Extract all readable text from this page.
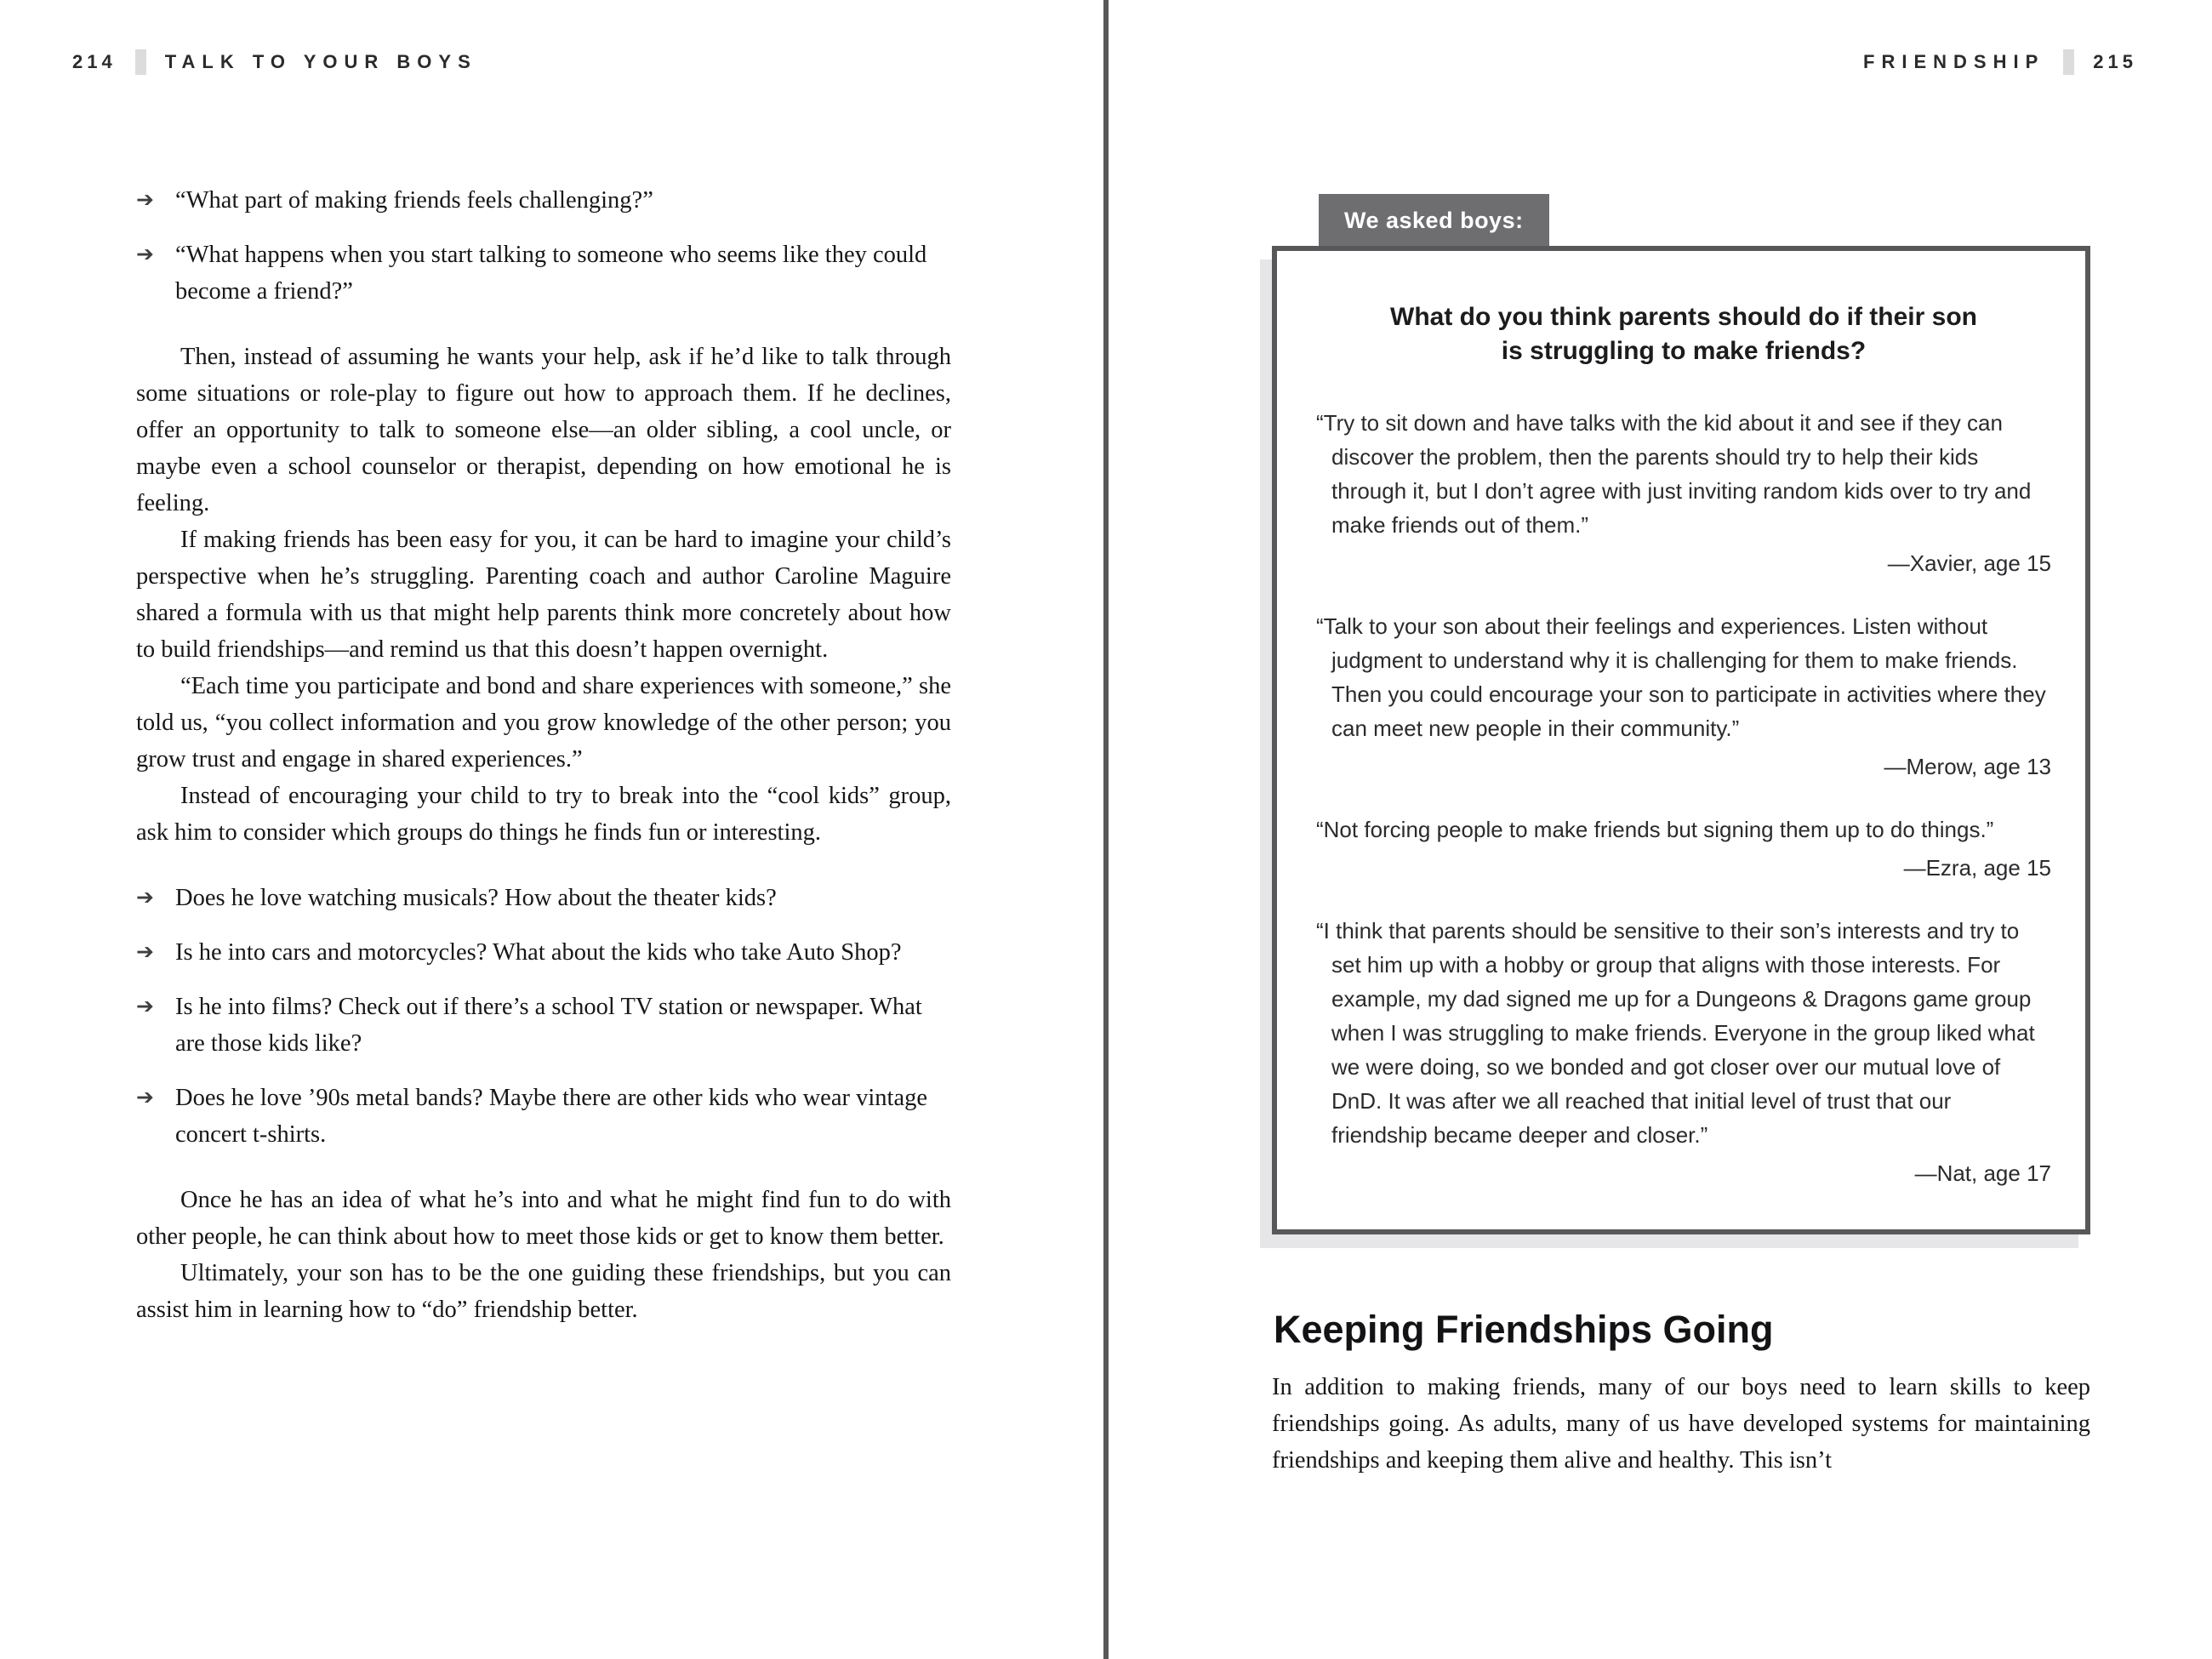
214	TALK TO YOUR BOYS
➔ “What part of making friends feels challenging?”
➔ “What happens when you start talking to someone who seems like they could become a friend?”

Then, instead of assuming he wants your help, ask if he’d like to talk through some situations or role-play to figure out how to approach them. If he declines, offer an opportunity to talk to someone else—an older sibling, a cool uncle, or maybe even a school counselor or therapist, depending on how emotional he is feeling.

If making friends has been easy for you, it can be hard to imagine your child’s perspective when he’s struggling. Parenting coach and author Caroline Maguire shared a formula with us that might help parents think more concretely about how to build friendships—and remind us that this doesn’t happen overnight.

“Each time you participate and bond and share experiences with someone,” she told us, “you collect information and you grow knowledge of the other person; you grow trust and engage in shared experiences.”

Instead of encouraging your child to try to break into the “cool kids” group, ask him to consider which groups do things he finds fun or interesting.

➔ Does he love watching musicals? How about the theater kids?
➔ Is he into cars and motorcycles? What about the kids who take Auto Shop?
➔ Is he into films? Check out if there’s a school TV station or newspaper. What are those kids like?
➔ Does he love ’90s metal bands? Maybe there are other kids who wear vintage concert t-shirts.

Once he has an idea of what he’s into and what he might find fun to do with other people, he can think about how to meet those kids or get to know them better.

Ultimately, your son has to be the one guiding these friendships, but you can assist him in learning how to “do” friendship better.

FRIENDSHIP	215
We asked boys:
What do you think parents should do if their son is struggling to make friends?

“Try to sit down and have talks with the kid about it and see if they can discover the problem, then the parents should try to help their kids through it, but I don’t agree with just inviting random kids over to try and make friends out of them.”

—Xavier, age 15

“Talk to your son about their feelings and experiences. Listen without judgment to understand why it is challenging for them to make friends. Then you could encourage your son to participate in activities where they can meet new people in their community.”

—Merow, age 13

“Not forcing people to make friends but signing them up to do things.”

—Ezra, age 15

“I think that parents should be sensitive to their son’s interests and try to set him up with a hobby or group that aligns with those interests. For example, my dad signed me up for a Dungeons & Dragons game group when I was struggling to make friends. Everyone in the group liked what we were doing, so we bonded and got closer over our mutual love of DnD. It was after we all reached that initial level of trust that our friendship became deeper and closer.”

—Nat, age 17

Keeping Friendships Going

In addition to making friends, many of our boys need to learn skills to keep friendships going. As adults, many of us have developed systems for maintaining friendships and keeping them alive and healthy. This isn’t
